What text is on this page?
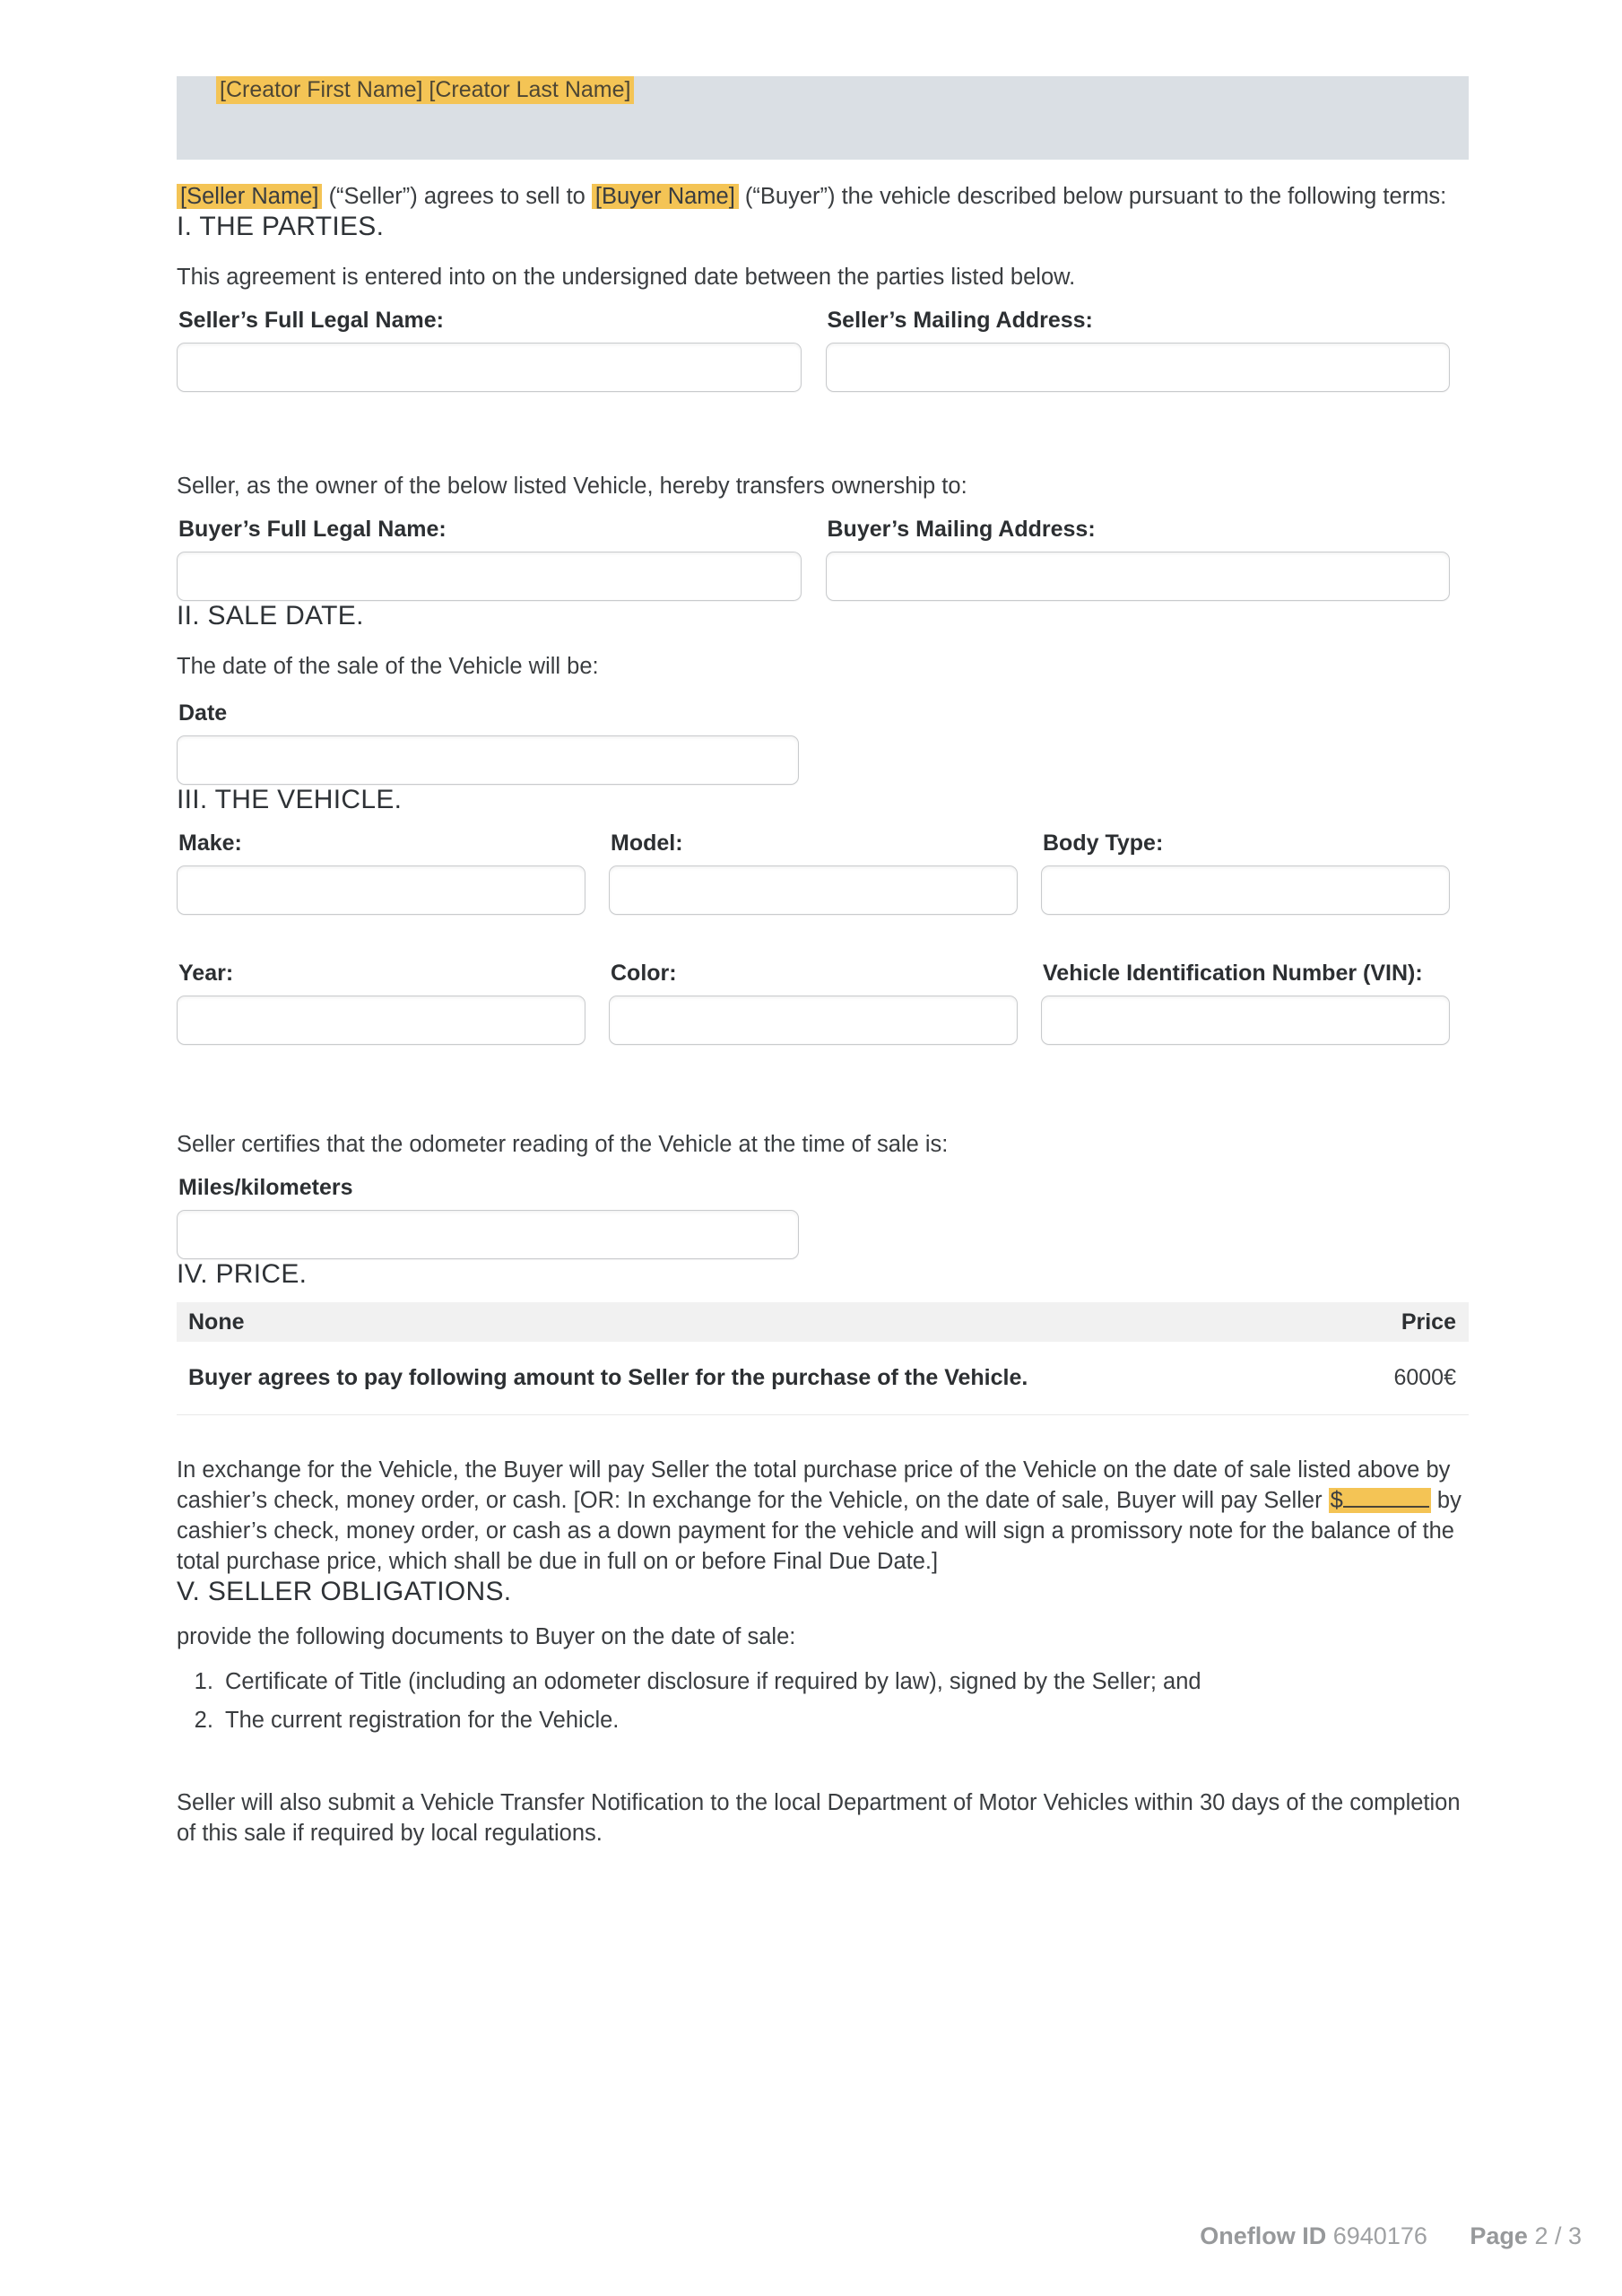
[Creator First Name] [Creator Last Name]
[Seller Name] (“Seller”) agrees to sell to [Buyer Name] (“Buyer”) the vehicle described below pursuant to the following terms:
I. THE PARTIES.
This agreement is entered into on the undersigned date between the parties listed below.
Seller’s Full Legal Name:	Seller’s Mailing Address:
Seller, as the owner of the below listed Vehicle, hereby transfers ownership to:
Buyer’s Full Legal Name:	Buyer’s Mailing Address:
II. SALE DATE.
The date of the sale of the Vehicle will be:
Date
III. THE VEHICLE.
Make:	Model:	Body Type:
Year:	Color:	Vehicle Identification Number (VIN):
Seller certifies that the odometer reading of the Vehicle at the time of sale is:
Miles/kilometers
IV. PRICE.
None	Price
Buyer agrees to pay following amount to Seller for the purchase of the Vehicle.	6000€
In exchange for the Vehicle, the Buyer will pay Seller the total purchase price of the Vehicle on the date of sale listed above by cashier’s check, money order, or cash. [OR: In exchange for the Vehicle, on the date of sale, Buyer will pay Seller $	by cashier’s check, money order, or cash as a down payment for the vehicle and will sign a promissory note for the balance of the total purchase price, which shall be due in full on or before Final Due Date.]
V. SELLER OBLIGATIONS.
provide the following documents to Buyer on the date of sale:
1. Certificate of Title (including an odometer disclosure if required by law), signed by the Seller; and
2. The current registration for the Vehicle.
Seller will also submit a Vehicle Transfer Notification to the local Department of Motor Vehicles within 30 days of the completion of this sale if required by local regulations.
Oneflow ID 6940176 Page 2 / 3
